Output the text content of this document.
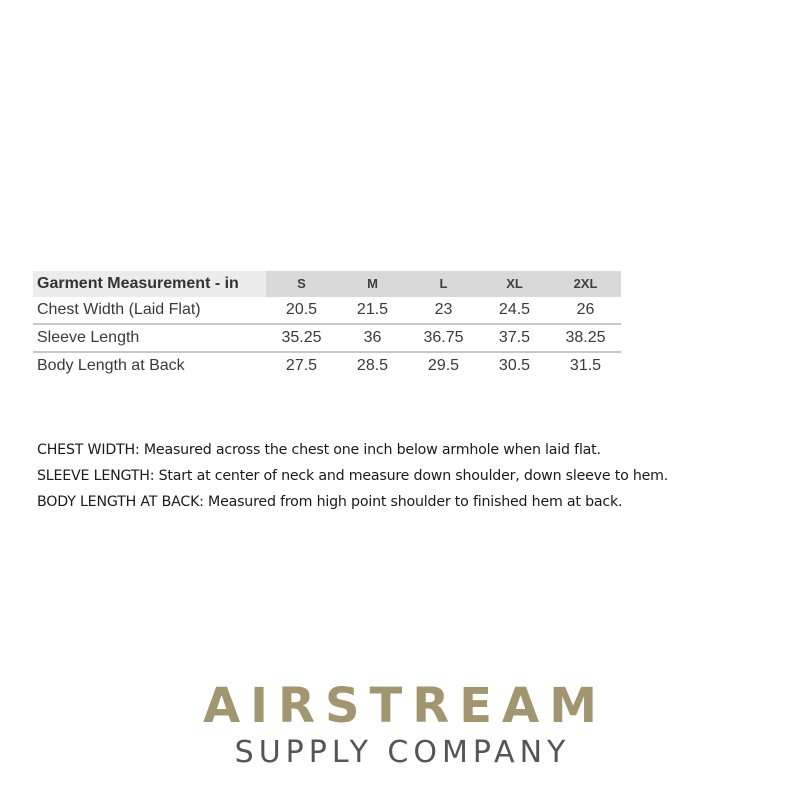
Garment Measurement - in	S	M	L	XL	2XL
Chest Width (Laid Flat)	20.5	21.5	23	24.5	26
Sleeve Length	35.25	36	36.75	37.5	38.25
Body Length at Back	27.5	28.5	29.5	30.5	31.5

CHEST WIDTH: Measured across the chest one inch below armhole when laid flat.

SLEEVE LENGTH: Start at center of neck and measure down shoulder, down sleeve to hem.

BODY LENGTH AT BACK: Measured from high point shoulder to finished hem at back.

AIRSTREAM
SUPPLY COMPANY
